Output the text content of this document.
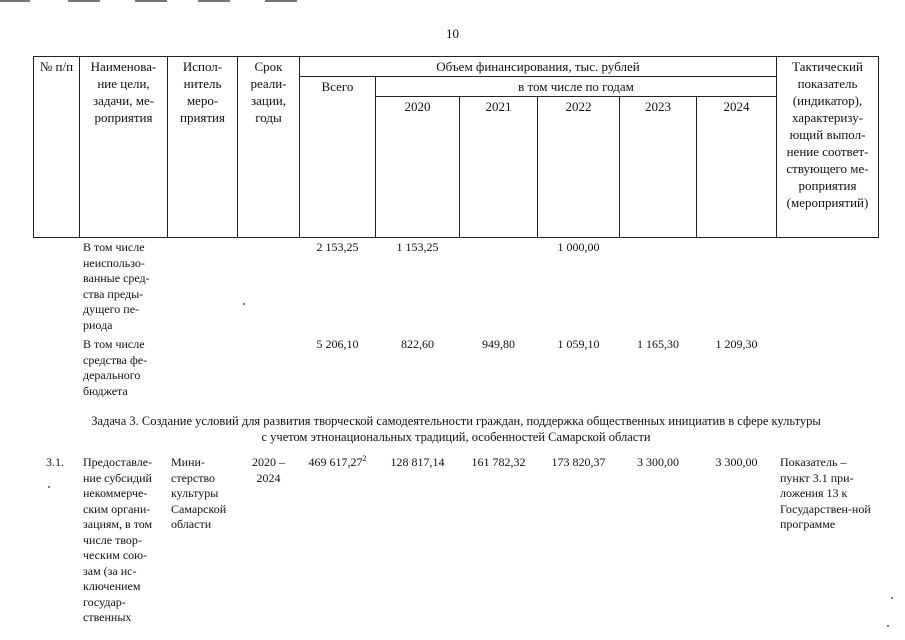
10
№ п/п	Наименова-ние цели, задачи, ме-роприятия	Испол-нитель меро-приятия	Срок реали-зации, годы	Объем финансирования, тыс. рублей						Тактический показатель (индикатор), характеризу-ющий выпол-нение соответ-ствующего ме-роприятия (мероприятий)
				Всего	в том числе по годам					
					2020	2021	2022	2023	2024	
	В том числе неиспользо-ванные сред-ства преды-дущего пе-риода			2 153,25	1 153,25		1 000,00			
	В том числе средства фе-дерального бюджета			5 206,10	822,60	949,80	1 059,10	1 165,30	1 209,30	

Задача 3. Создание условий для развития творческой самодеятельности граждан, поддержка общественных инициатив в сфере культуры
с учетом этнонациональных традиций, особенностей Самарской области										

3.1.	Предоставле-ние субсидий некоммерче-ским органи-зациям, в том числе твор-ческим сою-зам (за ис-ключением государ-ственных	Мини-стерство культуры Самарской области	2020 – 2024	469 617,27$^2$	128 817,14	161 782,32	173 820,37	3 300,00	3 300,00	Показатель – пункт 3.1 при-ложения 13 к Государствен-ной программе
